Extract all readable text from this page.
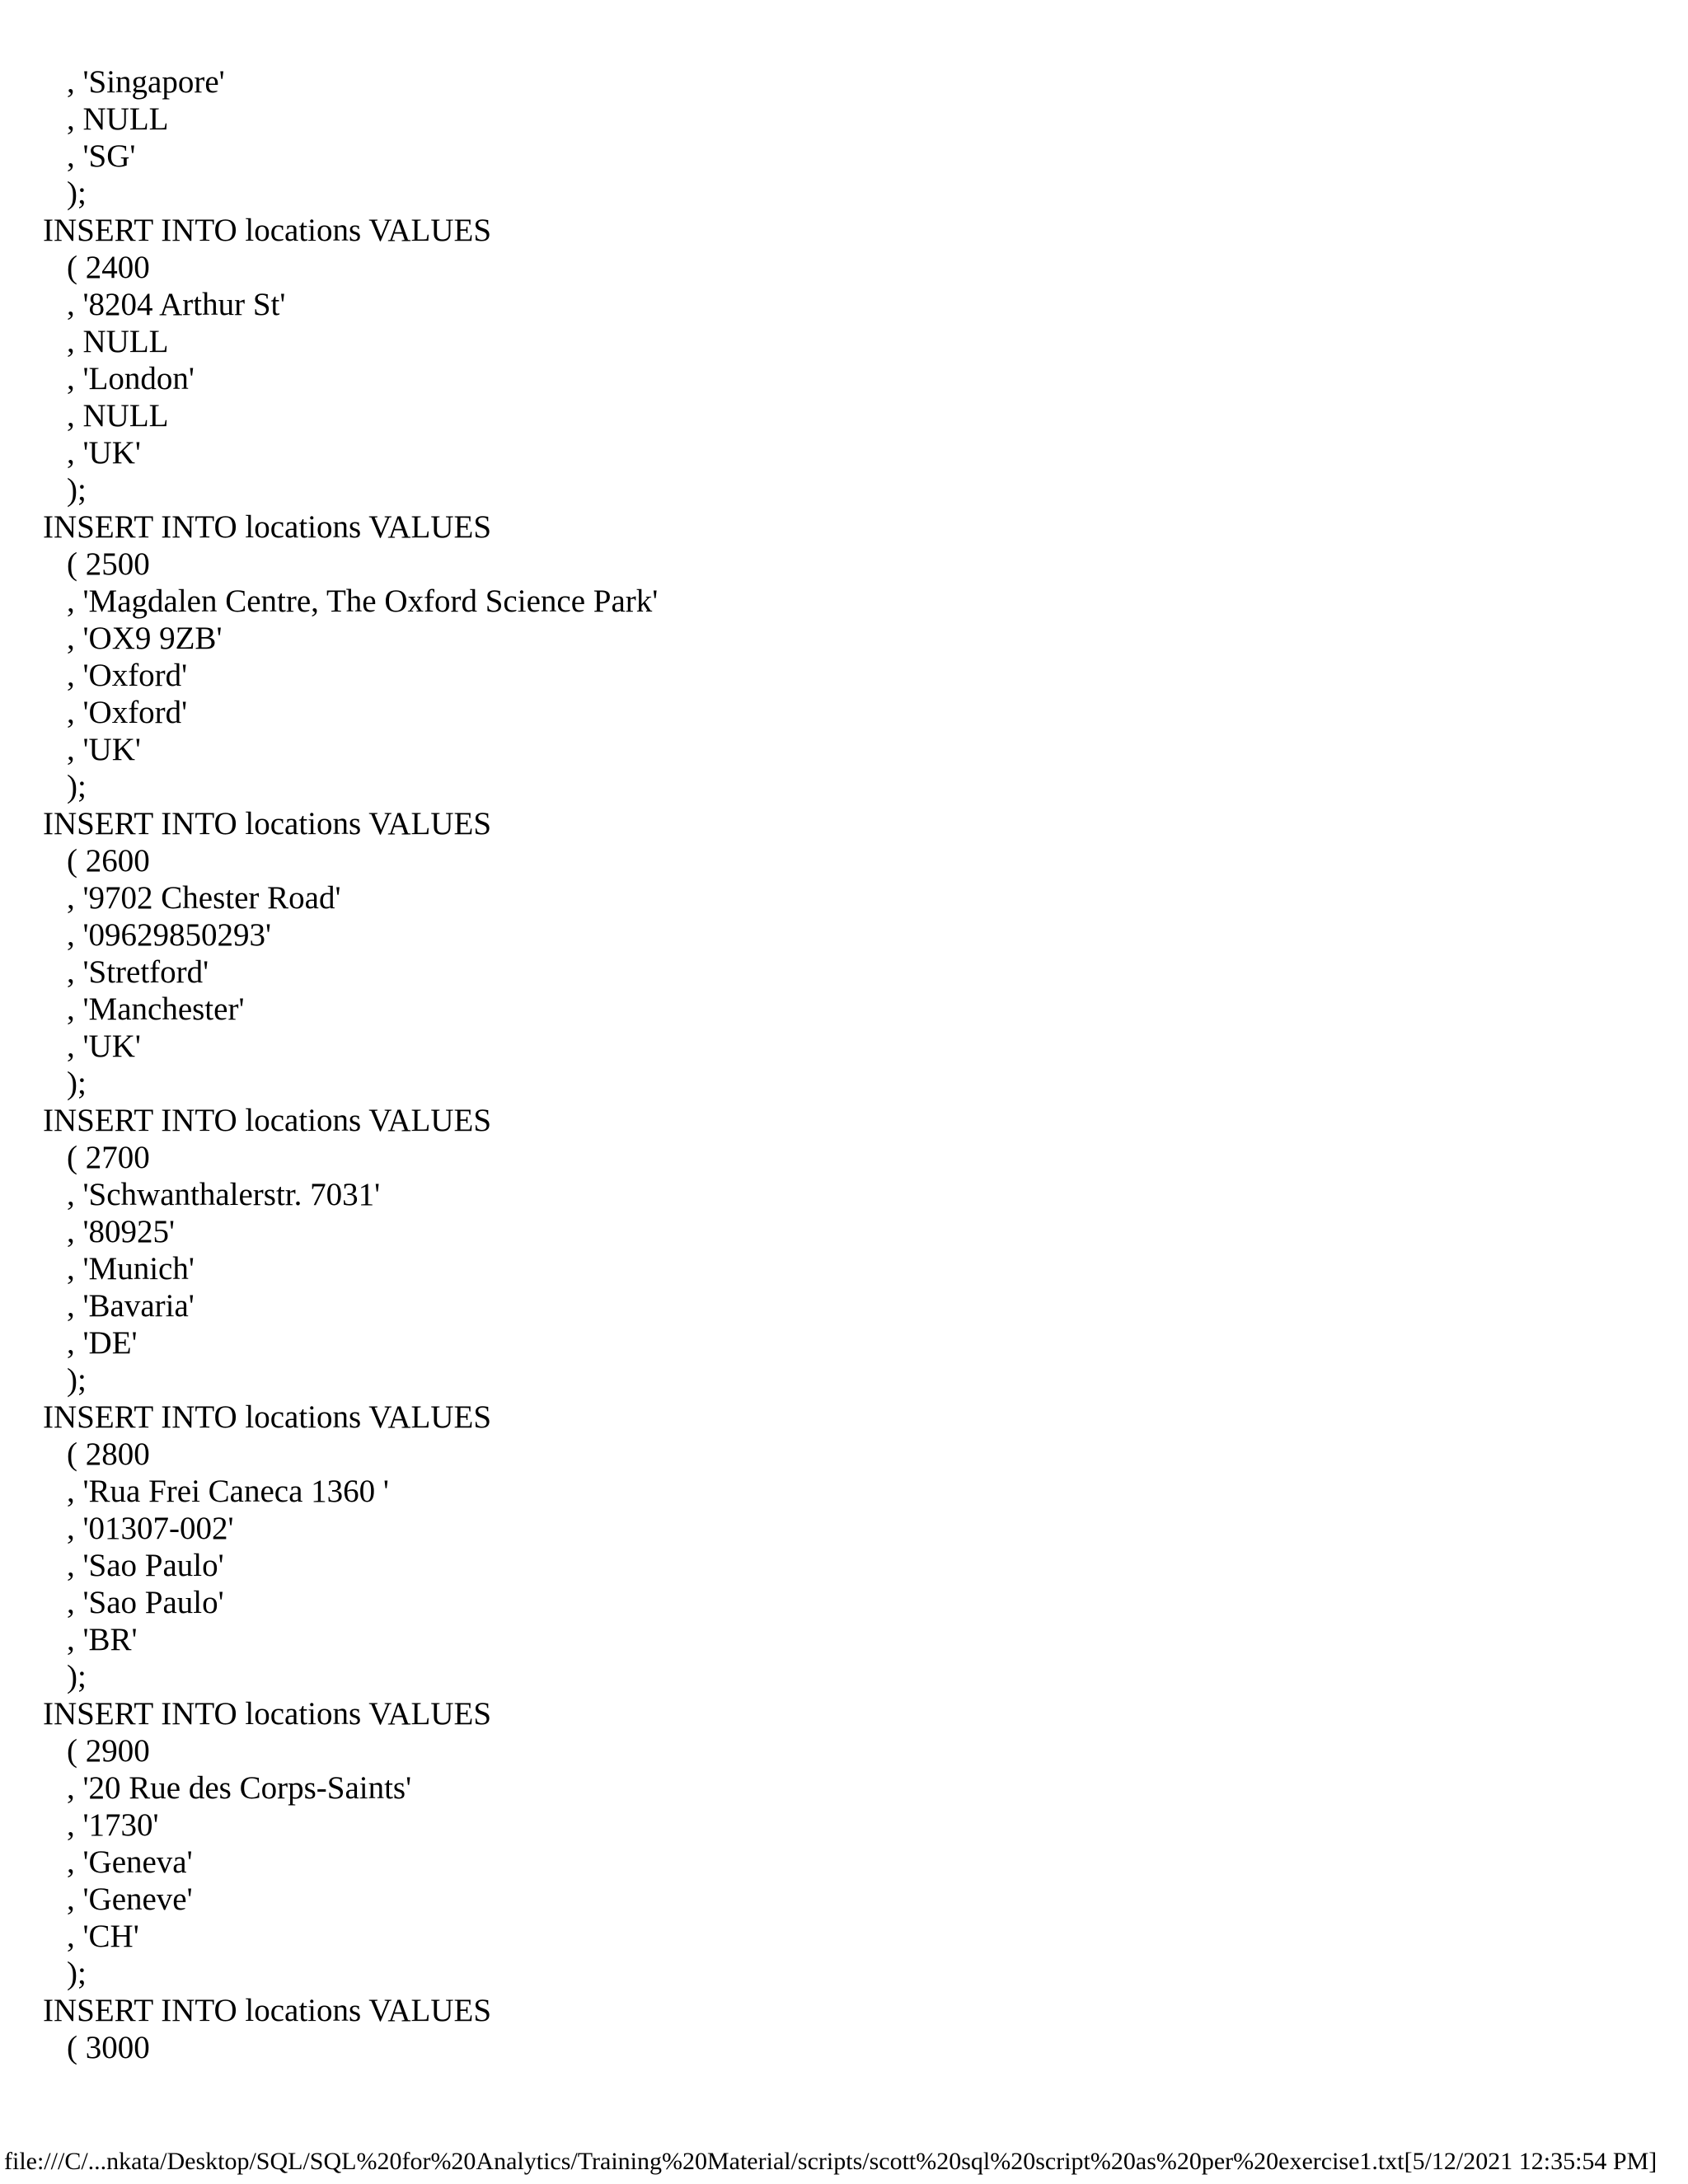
, 'Singapore'
, NULL
, 'SG'
);
INSERT INTO locations VALUES
( 2400
, '8204 Arthur St'
, NULL
, 'London'
, NULL
, 'UK'
);
INSERT INTO locations VALUES
( 2500
, 'Magdalen Centre, The Oxford Science Park'
, 'OX9 9ZB'
, 'Oxford'
, 'Oxford'
, 'UK'
);
INSERT INTO locations VALUES
( 2600
, '9702 Chester Road'
, '09629850293'
, 'Stretford'
, 'Manchester'
, 'UK'
);
INSERT INTO locations VALUES
( 2700
, 'Schwanthalerstr. 7031'
, '80925'
, 'Munich'
, 'Bavaria'
, 'DE'
);
INSERT INTO locations VALUES
( 2800
, 'Rua Frei Caneca 1360 '
, '01307-002'
, 'Sao Paulo'
, 'Sao Paulo'
, 'BR'
);
INSERT INTO locations VALUES
( 2900
, '20 Rue des Corps-Saints'
, '1730'
, 'Geneva'
, 'Geneve'
, 'CH'
);
INSERT INTO locations VALUES
( 3000
file:///C/...nkata/Desktop/SQL/SQL%20for%20Analytics/Training%20Material/scripts/scott%20sql%20script%20as%20per%20exercise1.txt[5/12/2021 12:35:54 PM]
